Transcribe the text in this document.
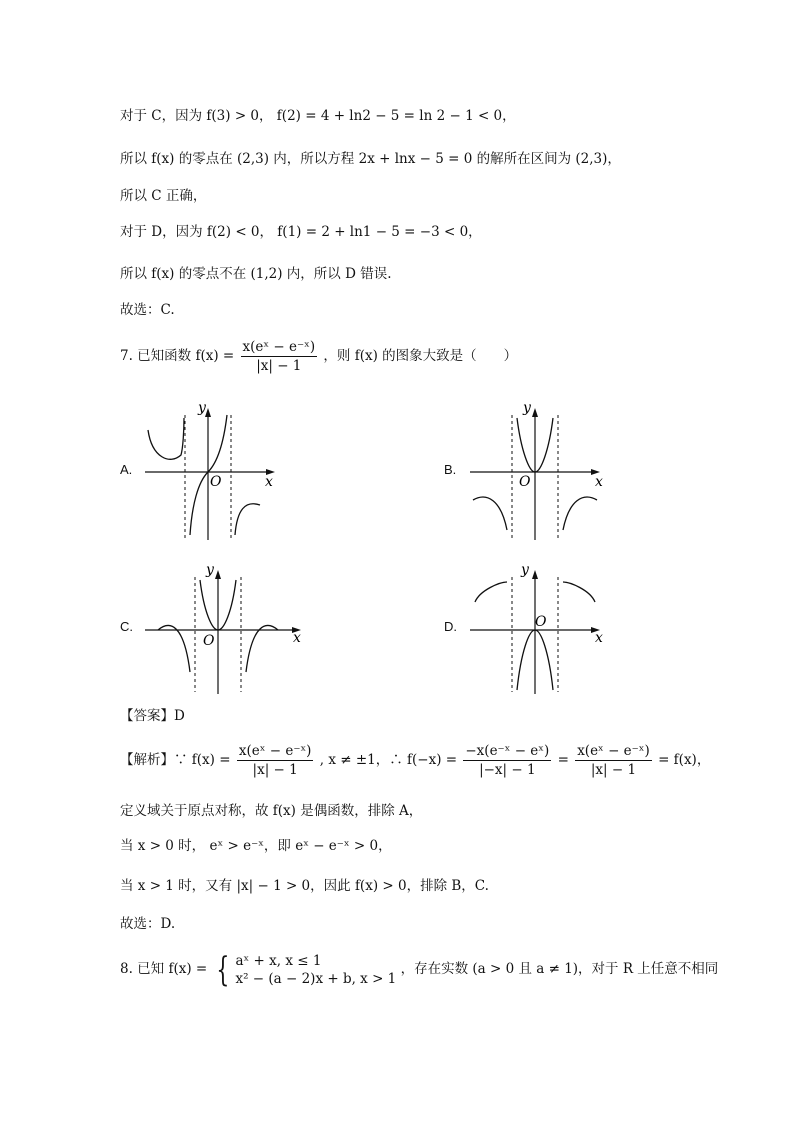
对于 C，因为 f(3) > 0， f(2) = 4 + ln2 − 5 = ln 2 − 1 < 0，
所以 f(x) 的零点在 (2,3) 内，所以方程 2x + lnx − 5 = 0 的解所在区间为 (2,3)，
所以 C 正确，
对于 D，因为 f(2) < 0， f(1) = 2 + ln1 − 5 = −3 < 0，
所以 f(x) 的零点不在 (1,2) 内，所以 D 错误.
故选：C.
7. 已知函数 $f(x) = \frac{\text{x(eˣ − e⁻ˣ)}}{|x| - 1}$ ，则 f(x) 的图象大致是（　　）
A.
y
O	x
B.
y
O	x
C.
y
O	x
D.
y
O
x
【答案】D
【解析】∵ $f(x) = \frac{\text{x(eˣ − e⁻ˣ)}}{|x| - 1}$ , x ≠ ±1，∴ $f(-x) = \frac{\text{−x(e⁻ˣ − eˣ)}}{|-x| - 1} = \frac{\text{x(eˣ − e⁻ˣ)}}{|x| - 1} = f(x)$，
定义域关于原点对称，故 f(x) 是偶函数，排除 A，
当 x > 0 时， eˣ > e⁻ˣ，即 eˣ − e⁻ˣ > 0，
当 x > 1 时，又有 |x| − 1 > 0，因此 f(x) > 0，排除 B，C.
故选：D.
8. 已知 f(x) = { aˣ + x, x ≤ 1
x² − (a − 2)x + b, x > 1
，存在实数 (a > 0 且 a ≠ 1)，对于 R 上任意不相同
